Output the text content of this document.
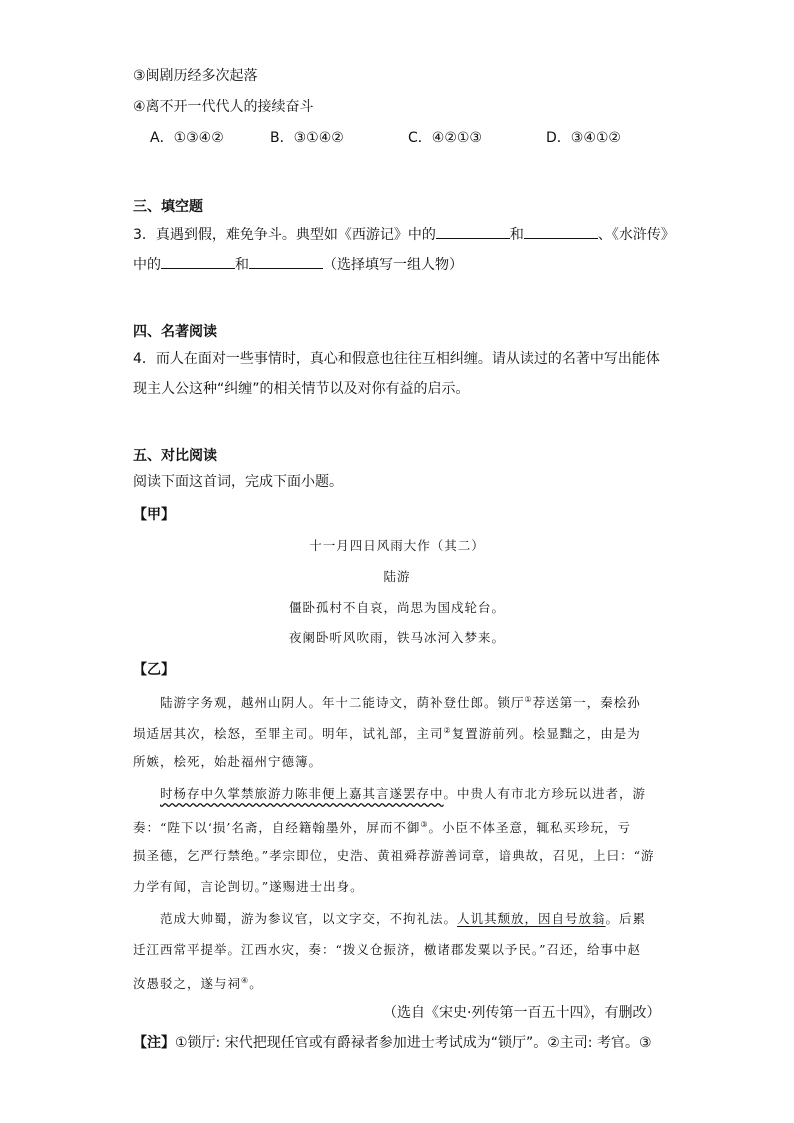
③闽剧历经多次起落
④离不开一代代人的接续奋斗
A．①③④②	B．③①④②	C．④②①③	D．③④①②
三、填空题
3．真遇到假，难免争斗。典型如《西游记》中的	和	、《水浒传》
中的	和	（选择填写一组人物）
四、名著阅读
4．而人在面对一些事情时，真心和假意也往往互相纠缠。请从读过的名著中写出能体
现主人公这种“纠缠”的相关情节以及对你有益的启示。
五、对比阅读
阅读下面这首词，完成下面小题。
【甲】
十一月四日风雨大作（其二）
陆游
僵卧孤村不自哀，尚思为国戍轮台。
夜阑卧听风吹雨，铁马冰河入梦来。
【乙】
陆游字务观，越州山阴人。年十二能诗文，荫补登仕郎。锁厅①荐送第一，秦桧孙
埙适居其次，桧怒，至罪主司。明年，试礼部，主司②复置游前列。桧显黜之，由是为
所嫉，桧死，始赴福州宁德簿。
时杨存中久掌禁旅游力陈非便上嘉其言遂罢存中。中贵人有市北方珍玩以进者，游
奏：“陛下以‘损’名斋，自经籍翰墨外，屏而不御③。小臣不体圣意，辄私买珍玩，亏
损圣德，乞严行禁绝。”孝宗即位，史浩、黄祖舜荐游善词章，谙典故，召见，上曰：“游
力学有闻，言论剀切。”遂赐进士出身。
范成大帅蜀，游为参议官，以文字交，不拘礼法。人讥其颓放，因自号放翁。后累
迁江西常平提举。江西水灾，奏：“拨义仓振济，檄诸郡发粟以予民。”召还，给事中赵
汝愚驳之，遂与祠④。
（选自《宋史·列传第一百五十四》，有删改）
【注】①锁厅: 宋代把现任官或有爵禄者参加进士考试成为“锁厅”。②主司: 考官。③
